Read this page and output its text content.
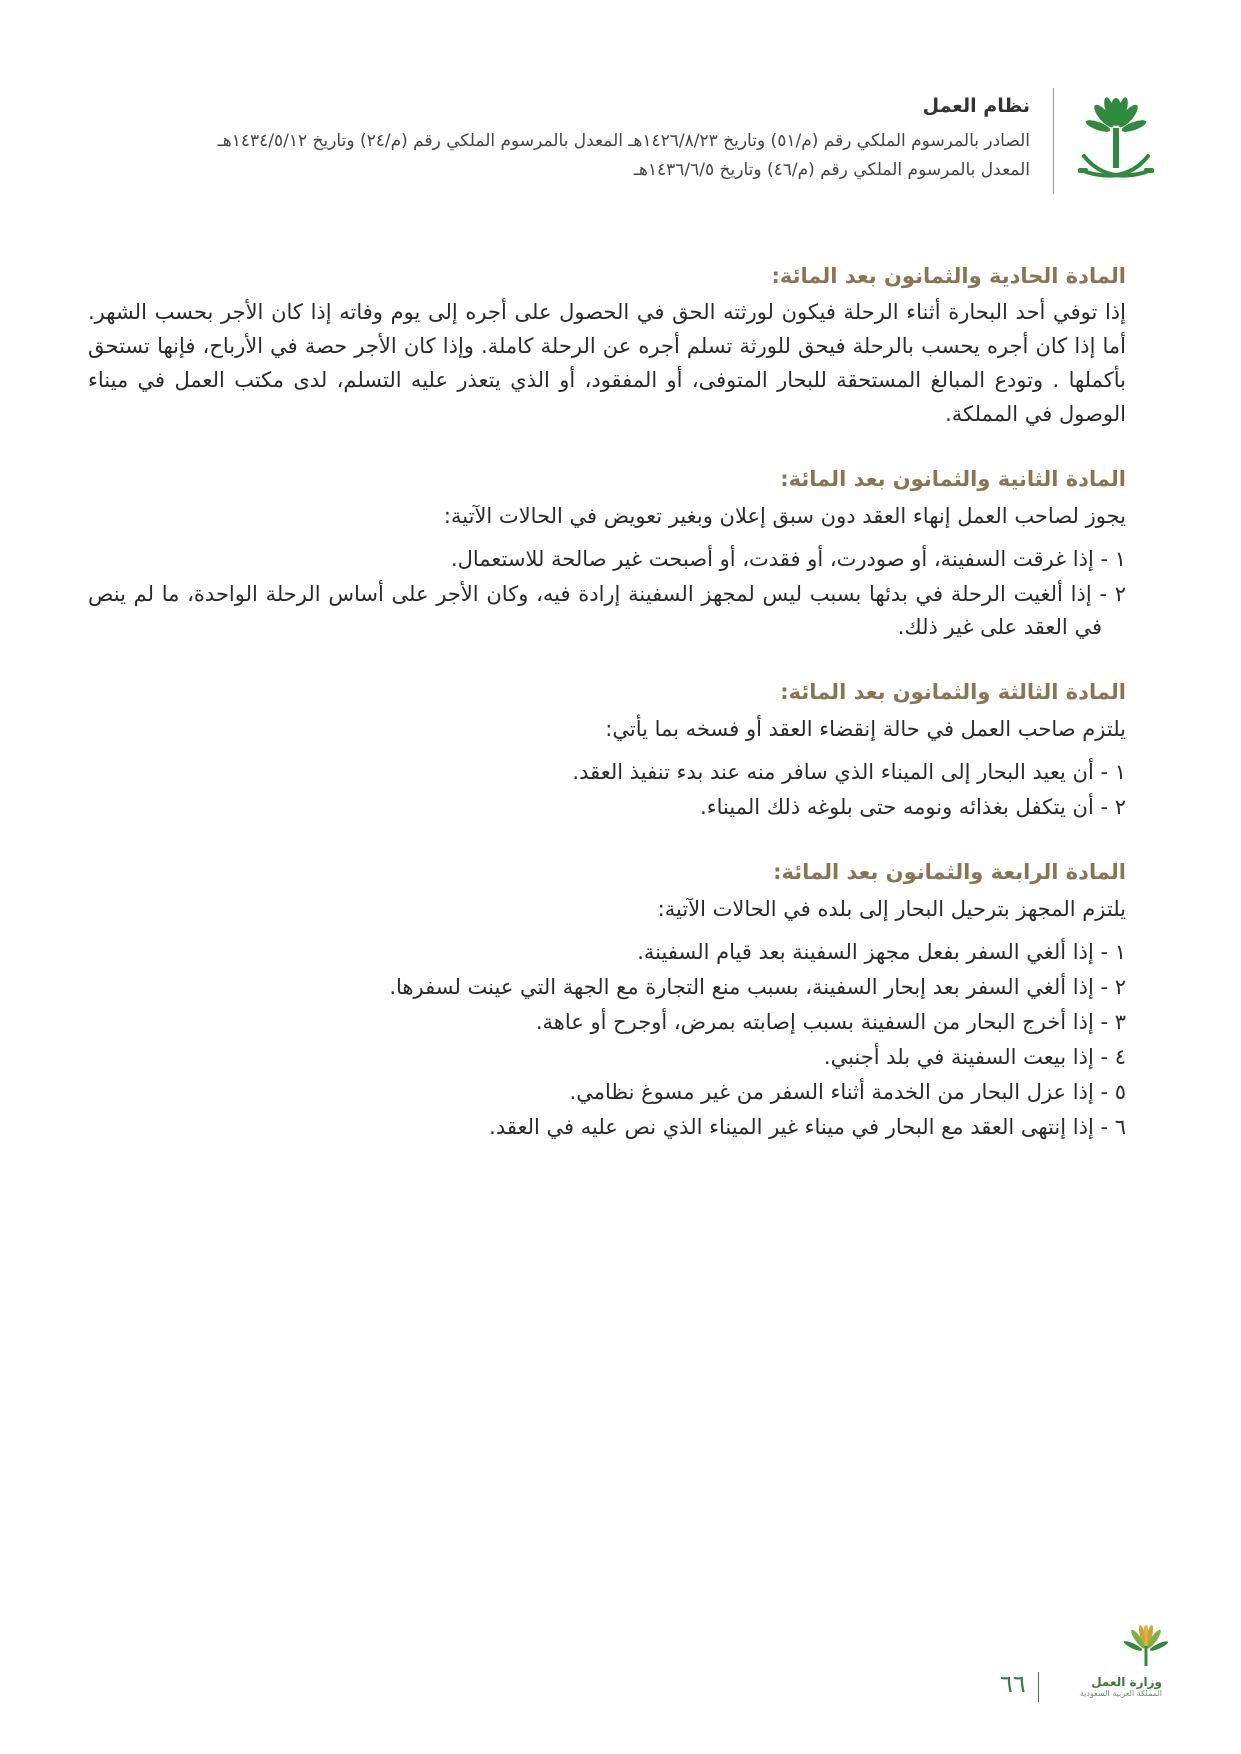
نظام العمل

الصادر بالمرسوم الملكي رقم (م/٥١) وتاريخ ١٤٢٦/٨/٢٣هـ المعدل بالمرسوم الملكي رقم (م/٢٤) وتاريخ ١٤٣٤/٥/١٢هـ

المعدل بالمرسوم الملكي رقم (م/٤٦) وتاريخ ١٤٣٦/٦/٥هـ

المادة الحادية والثمانون بعد المائة:

إذا توفي أحد البحارة أثناء الرحلة فيكون لورثته الحق في الحصول على أجره إلى يوم وفاته إذا كان الأجر بحسب الشهر. أما إذا كان أجره يحسب بالرحلة فيحق للورثة تسلم أجره عن الرحلة كاملة. وإذا كان الأجر حصة في الأرباح، فإنها تستحق بأكملها . وتودع المبالغ المستحقة للبحار المتوفى، أو المفقود، أو الذي يتعذر عليه التسلم، لدى مكتب العمل في ميناء الوصول في المملكة.

المادة الثانية والثمانون بعد المائة:

يجوز لصاحب العمل إنهاء العقد دون سبق إعلان وبغير تعويض في الحالات الآتية:

١ - إذا غرقت السفينة، أو صودرت، أو فقدت، أو أصبحت غير صالحة للاستعمال.
٢ - إذا ألغيت الرحلة في بدئها بسبب ليس لمجهز السفينة إرادة فيه، وكان الأجر على أساس الرحلة الواحدة، ما لم ينص في العقد على غير ذلك.

المادة الثالثة والثمانون بعد المائة:

يلتزم صاحب العمل في حالة إنقضاء العقد أو فسخه بما يأتي:

١ - أن يعيد البحار إلى الميناء الذي سافر منه عند بدء تنفيذ العقد.
٢ - أن يتكفل بغذائه ونومه حتى بلوغه ذلك الميناء.

المادة الرابعة والثمانون بعد المائة:

يلتزم المجهز بترحيل البحار إلى بلده في الحالات الآتية:

١ - إذا ألغي السفر بفعل مجهز السفينة بعد قيام السفينة.
٢ - إذا ألغي السفر بعد إبحار السفينة، بسبب منع التجارة مع الجهة التي عينت لسفرها.
٣ - إذا أخرج البحار من السفينة بسبب إصابته بمرض، أوجرح أو عاهة.
٤ - إذا بيعت السفينة في بلد أجنبي.
٥ - إذا عزل البحار من الخدمة أثناء السفر من غير مسوغ نظامي.
٦ - إذا إنتهى العقد مع البحار في ميناء غير الميناء الذي نص عليه في العقد.
وزارة العمل
المملكة العربية السعودية
٦٦
